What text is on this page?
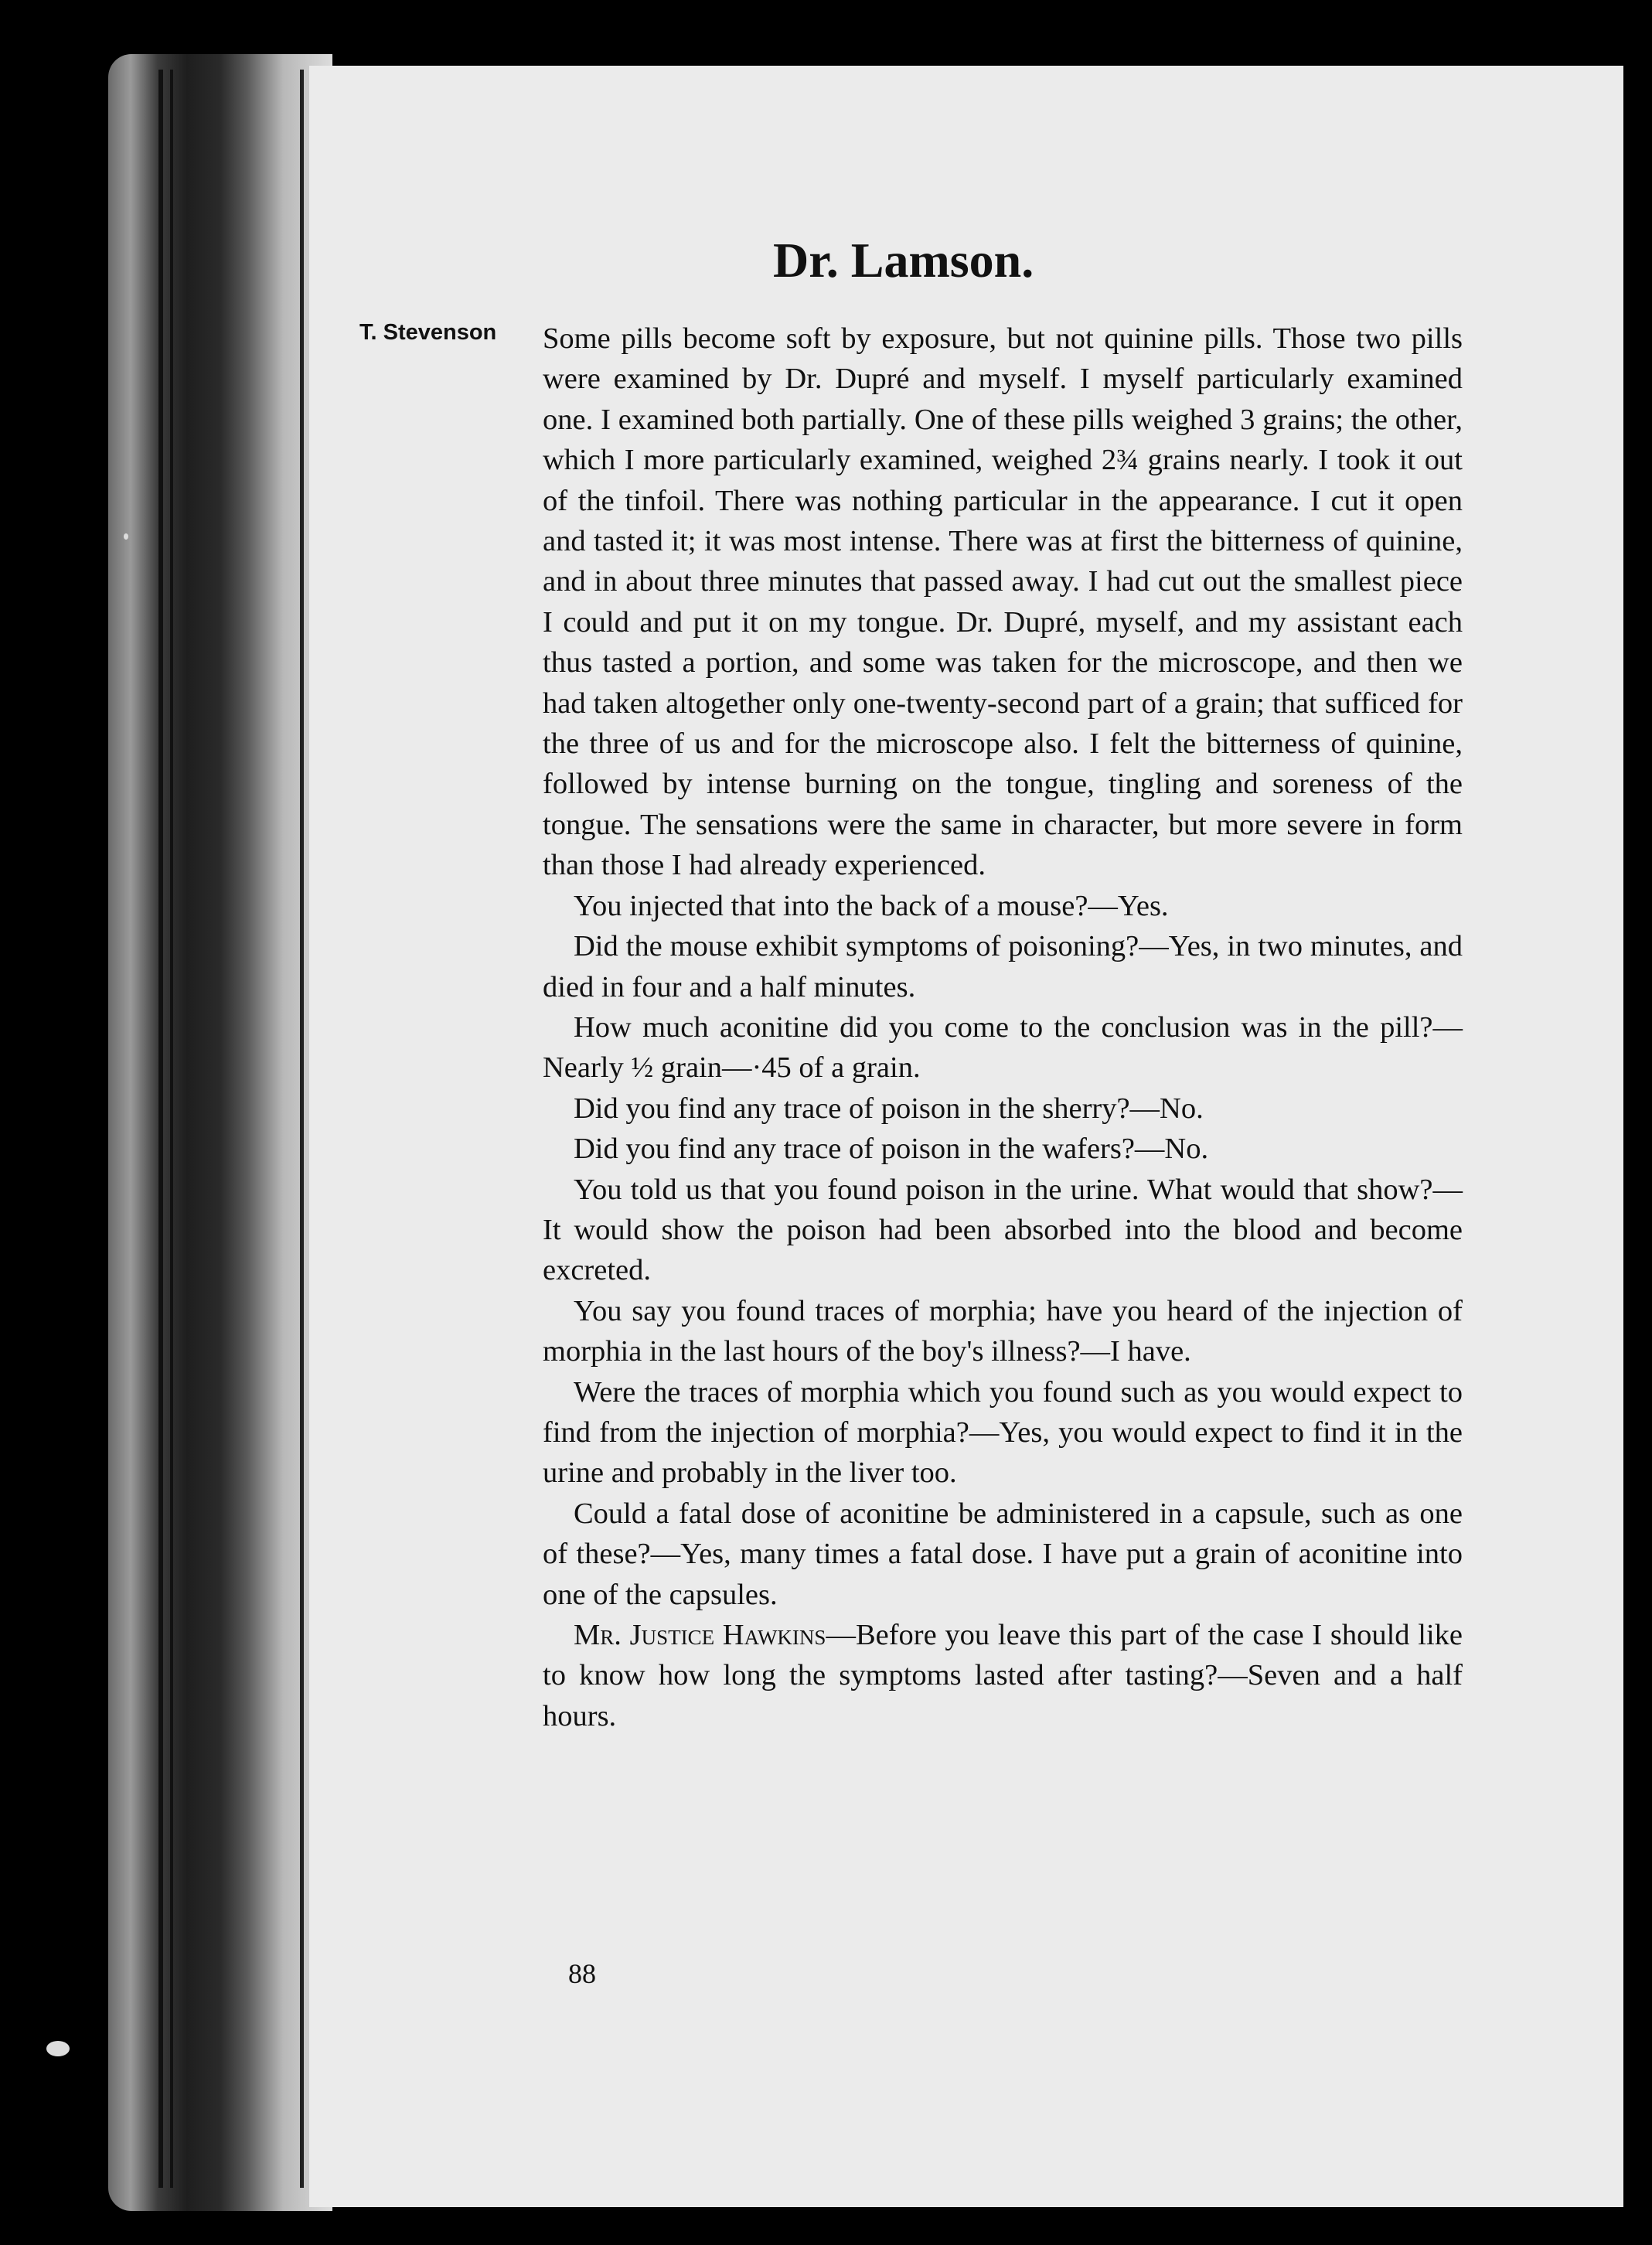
Dr. Lamson.
T. Stevenson	Some pills become soft by exposure, but not quinine pills. Those two pills were examined by Dr. Dupré and myself. I myself particularly examined one. I examined both partially. One of these pills weighed 3 grains; the other, which I more particularly examined, weighed 2¾ grains nearly. I took it out of the tinfoil. There was nothing particular in the appearance. I cut it open and tasted it; it was most intense. There was at first the bitterness of quinine, and in about three minutes that passed away. I had cut out the smallest piece I could and put it on my tongue. Dr. Dupré, myself, and my assistant each thus tasted a portion, and some was taken for the microscope, and then we had taken altogether only one-twenty-second part of a grain; that sufficed for the three of us and for the microscope also. I felt the bitterness of quinine, followed by intense burning on the tongue, tingling and soreness of the tongue. The sensations were the same in character, but more severe in form than those I had already experienced.

You injected that into the back of a mouse?—Yes.

Did the mouse exhibit symptoms of poisoning?—Yes, in two minutes, and died in four and a half minutes.

How much aconitine did you come to the conclusion was in the pill?—Nearly ½ grain—·45 of a grain.

Did you find any trace of poison in the sherry?—No.

Did you find any trace of poison in the wafers?—No.

You told us that you found poison in the urine. What would that show?—It would show the poison had been absorbed into the blood and become excreted.

You say you found traces of morphia; have you heard of the injection of morphia in the last hours of the boy's illness?—I have.

Were the traces of morphia which you found such as you would expect to find from the injection of morphia?—Yes, you would expect to find it in the urine and probably in the liver too.

Could a fatal dose of aconitine be administered in a capsule, such as one of these?—Yes, many times a fatal dose. I have put a grain of aconitine into one of the capsules.

Mr. Justice Hawkins—Before you leave this part of the case I should like to know how long the symptoms lasted after tasting?—Seven and a half hours.

88
